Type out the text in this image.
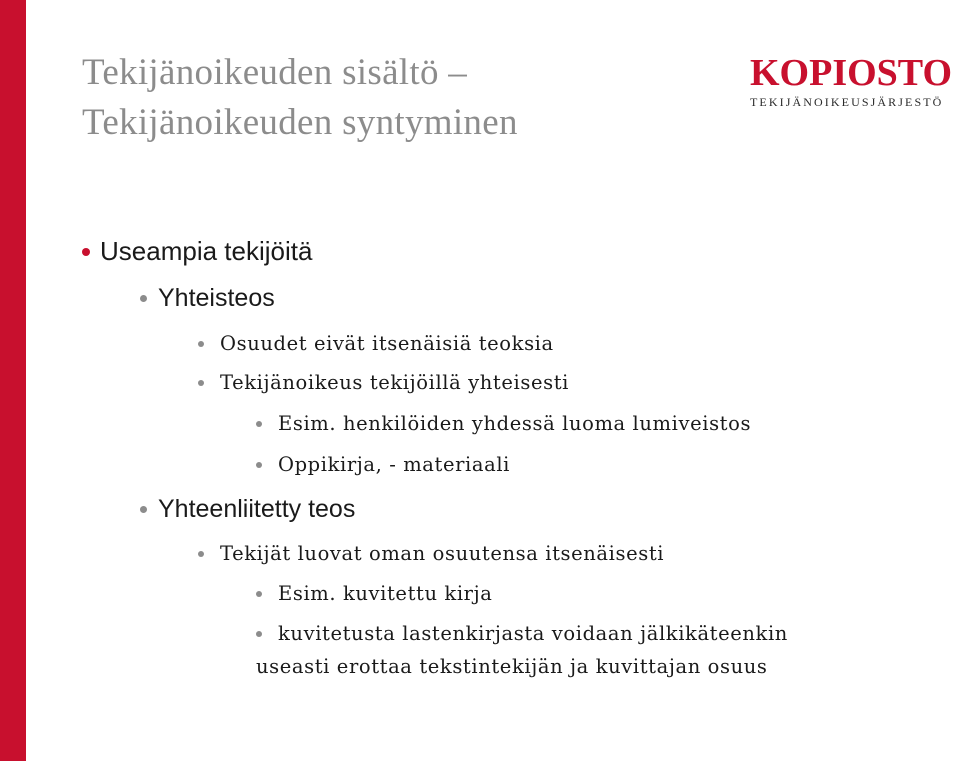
Tekijänoikeuden sisältö –
Tekijänoikeuden syntyminen
KOPIOSTO
TEKIJÄNOIKEUSJÄRJESTÖ
Useampia tekijöitä
Yhteisteos
Osuudet eivät itsenäisiä teoksia
Tekijänoikeus tekijöillä yhteisesti
Esim. henkilöiden yhdessä luoma lumiveistos
Oppikirja, - materiaali
Yhteenliitetty teos
Tekijät luovat oman osuutensa itsenäisesti
Esim. kuvitettu kirja
kuvitetusta lastenkirjasta voidaan jälkikäteenkin
useasti erottaa tekstintekijän ja kuvittajan osuus
